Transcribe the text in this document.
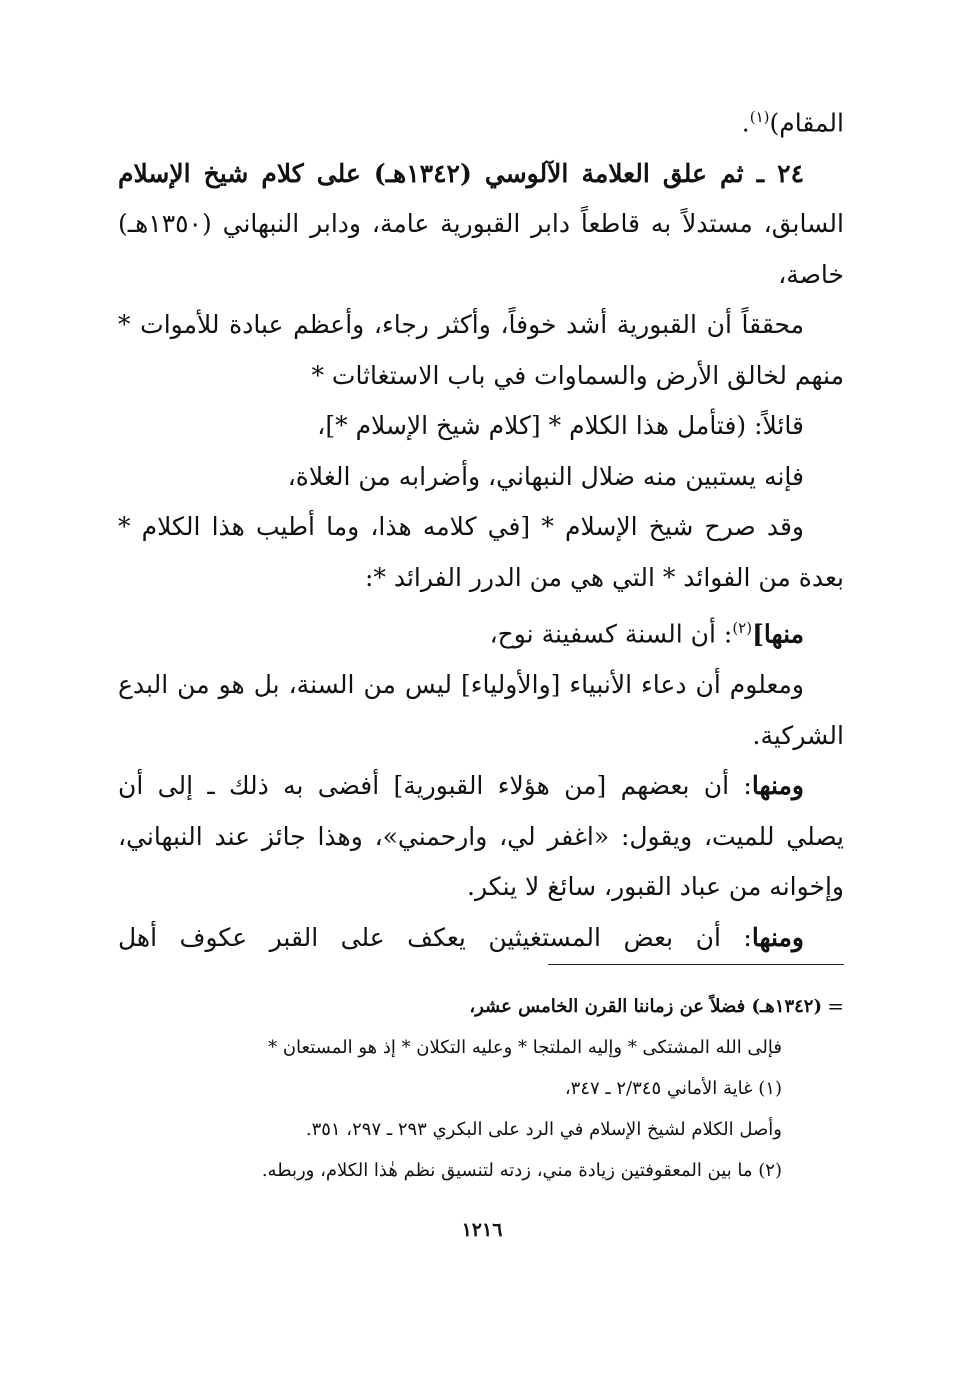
المقام)$^{(١)}$.
٢٤ ـ ثم علق العلامة الآلوسي (١٣٤٢هـ) على كلام شيخ الإسلام
السابق، مستدلاً به قاطعاً دابر القبورية عامة، ودابر النبهاني (١٣٥٠هـ)
خاصة،
محققاً أن القبورية أشد خوفاً، وأكثر رجاء، وأعظم عبادة للأموات *
منهم لخالق الأرض والسماوات في باب الاستغاثات *
قائلاً: (فتأمل هذا الكلام * [كلام شيخ الإسلام *]،
فإنه يستبين منه ضلال النبهاني، وأضرابه من الغلاة،
وقد صرح شيخ الإسلام * [في كلامه هذا، وما أطيب هذا الكلام *
بعدة من الفوائد * التي هي من الدرر الفرائد *:
منها]$^{(٢)}$: أن السنة كسفينة نوح،
ومعلوم أن دعاء الأنبياء [والأولياء] ليس من السنة، بل هو من البدع
الشركية.
ومنها: أن بعضهم [من هؤلاء القبورية] أفضى به ذلك ـ إلى أن
يصلي للميت، ويقول: «اغفر لي، وارحمني»، وهذا جائز عند النبهاني،
وإخوانه من عباد القبور، سائغ لا ينكر.
ومنها: أن بعض المستغيثين يعكف على القبر عكوف أهل
=
(١٣٤٢هـ) فضلاً عن زماننا القرن الخامس عشر،
فإلى الله المشتكى * وإليه الملتجا * وعليه التكلان * إذ هو المستعان *
(١) غاية الأماني ٢/٣٤٥ ـ ٣٤٧،
وأصل الكلام لشيخ الإسلام في الرد على البكري ٢٩٣ ـ ٢٩٧، ٣٥١.
(٢) ما بين المعقوفتين زيادة مني، زدته لتنسيق نظم هٰذا الكلام، وربطه.
١٢١٦
